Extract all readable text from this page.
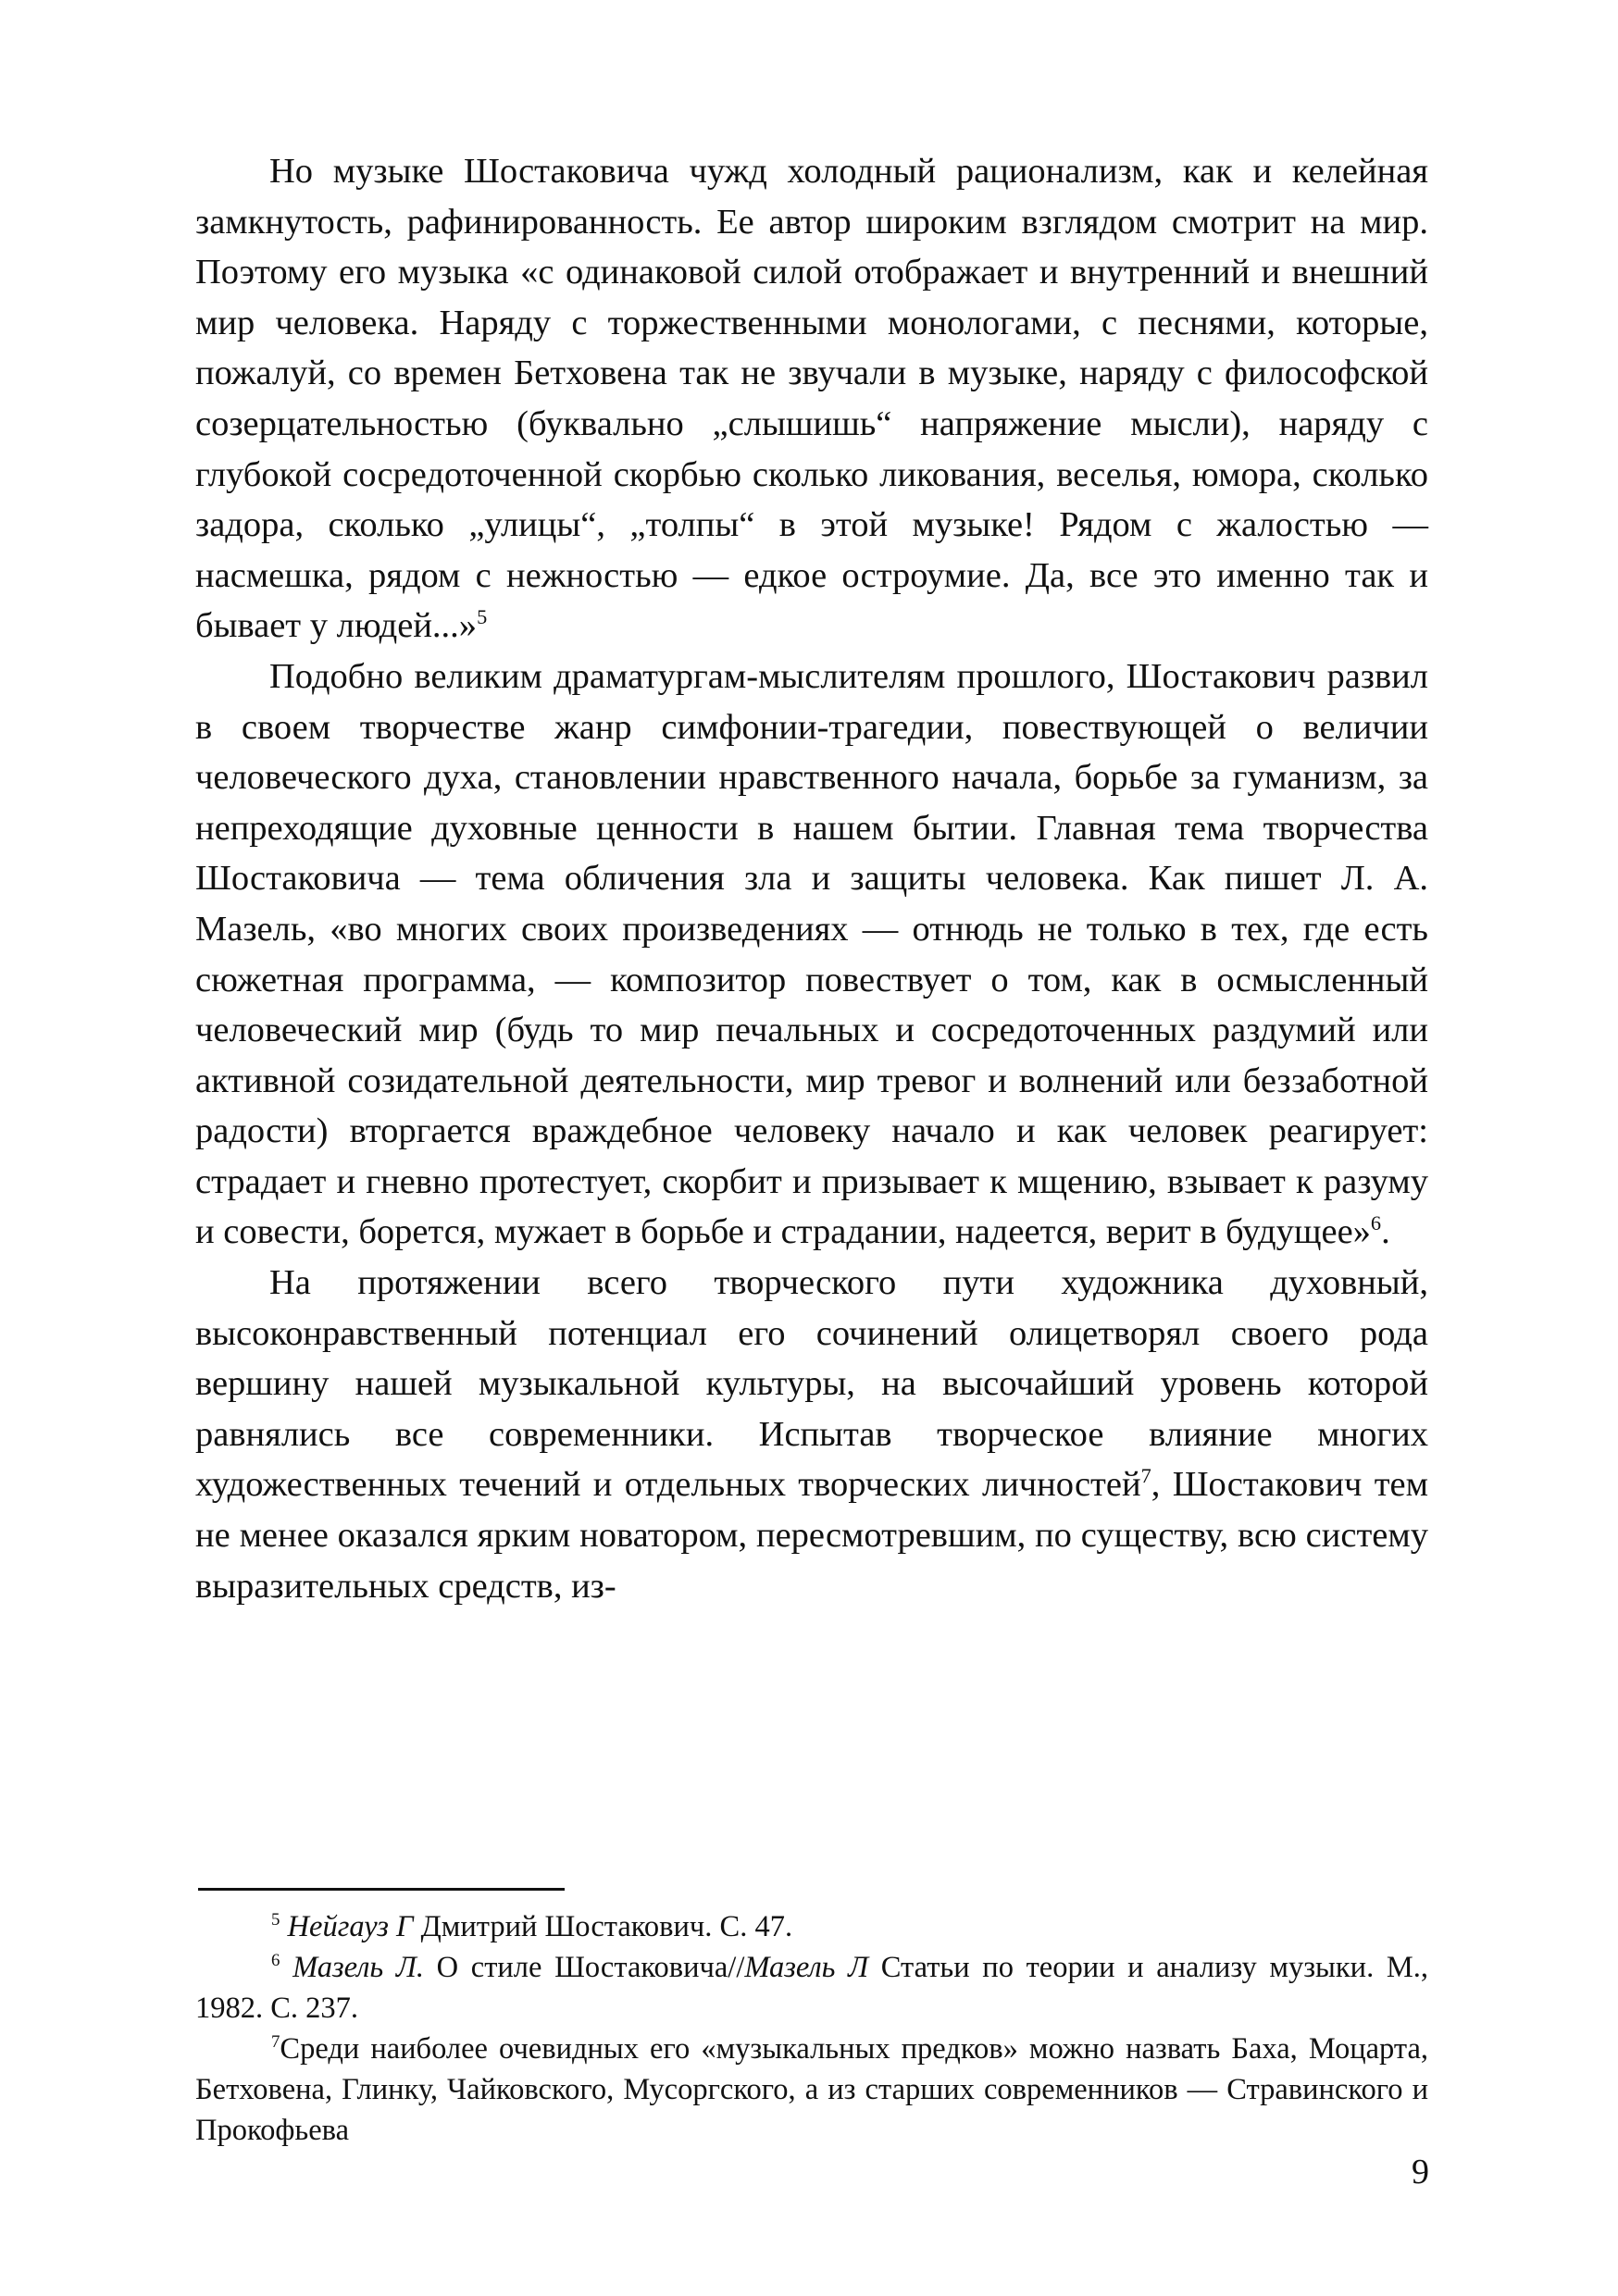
Но музыке Шостаковича чужд холодный рационализм, как и келейная замкнутость, рафинированность. Ее автор широким взглядом смотрит на мир. Поэтому его музыка «с одинаковой силой отображает и внутренний и внешний мир человека. Наряду с торжественными монологами, с песнями, которые, пожалуй, со времен Бетховена так не звучали в музыке, наряду с философской созерцательностью (буквально „слышишь“ напряжение мысли), наряду с глубокой сосредоточенной скорбью сколько ликования, веселья, юмора, сколько задора, сколько „улицы“, „толпы“ в этой музыке! Рядом с жалостью — насмешка, рядом с нежностью — едкое остроумие. Да, все это именно так и бывает у людей...»$^5$

Подобно великим драматургам-мыслителям прошлого, Шостакович развил в своем творчестве жанр симфонии-трагедии, повествующей о величии человеческого духа, становлении нравственного начала, борьбе за гуманизм, за непреходящие духовные ценности в нашем бытии. Главная тема творчества Шостаковича — тема обличения зла и защиты человека. Как пишет Л. А. Мазель, «во многих своих произведениях — отнюдь не только в тех, где есть сюжетная программа, — композитор повествует о том, как в осмысленный человеческий мир (будь то мир печальных и сосредоточенных раздумий или активной созидательной деятельности, мир тревог и волнений или беззаботной радости) вторгается враждебное человеку начало и как человек реагирует: страдает и гневно протестует, скорбит и призывает к мщению, взывает к разуму и совести, борется, мужает в борьбе и страдании, надеется, верит в будущее»$^6$.

На протяжении всего творческого пути художника духовный, высоконравственный потенциал его сочинений олицетворял своего рода вершину нашей музыкальной культуры, на высочайший уровень которой равнялись все современники. Испытав творческое влияние многих художественных течений и отдельных творческих личностей$^7$, Шостакович тем не менее оказался ярким новатором, пересмотревшим, по существу, всю систему выразительных средств, из-

$^5$ Нейгауз Г Дмитрий Шостакович. С. 47.

$^6$ Мазель Л. О стиле Шостаковича//Мазель Л Статьи по теории и анализу музыки. М., 1982. С. 237.

$^7$Среди наиболее очевидных его «музыкальных предков» можно назвать Баха, Моцарта, Бетховена, Глинку, Чайковского, Мусоргского, а из старших современников — Стравинского и Прокофьева

9
